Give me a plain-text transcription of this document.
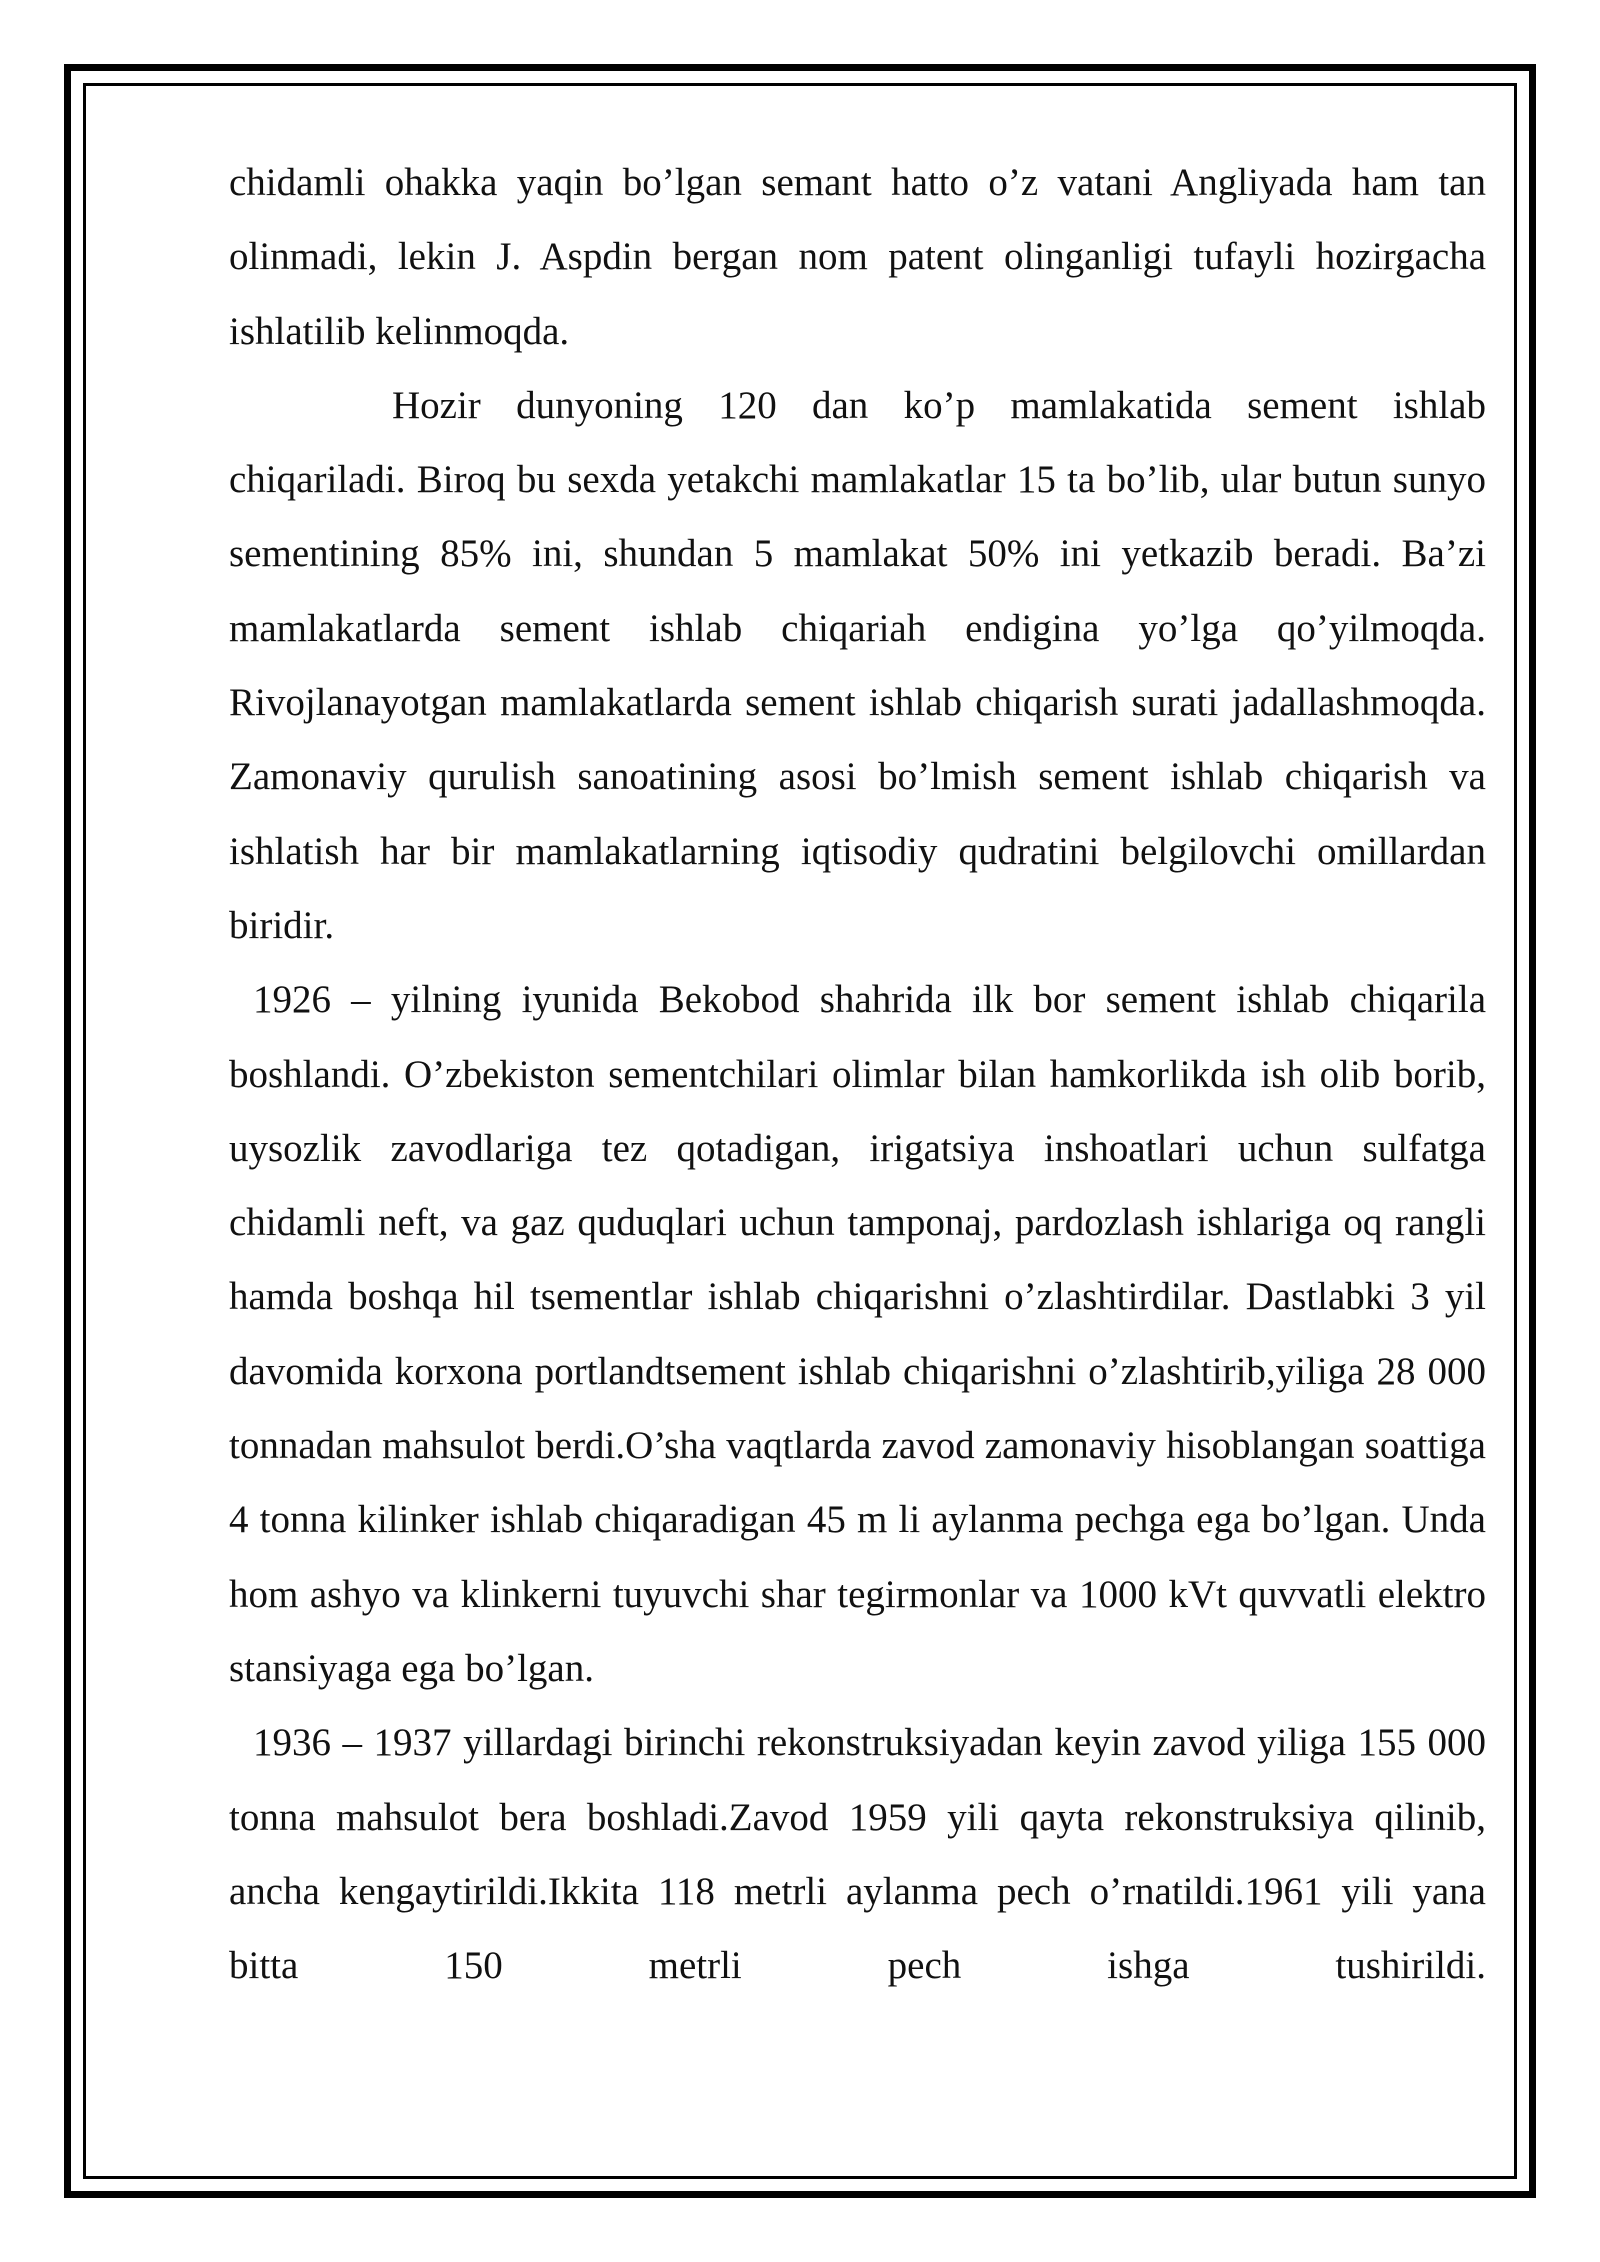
chidamli ohakka yaqin bo’lgan semant hatto o’z vatani Angliyada ham tan olinmadi, lekin J. Aspdin bergan nom patent olinganligi tufayli hozirgacha ishlatilib kelinmoqda.

Hozir dunyoning 120 dan ko’p mamlakatida sement ishlab chiqariladi. Biroq bu sexda yetakchi mamlakatlar 15 ta bo’lib, ular butun sunyo sementining 85% ini, shundan 5 mamlakat 50% ini yetkazib beradi. Ba’zi mamlakatlarda sement ishlab chiqariah endigina yo’lga qo’yilmoqda. Rivojlanayotgan mamlakatlarda sement ishlab chiqarish surati jadallashmoqda. Zamonaviy qurulish sanoatining asosi bo’lmish sement ishlab chiqarish va ishlatish har bir mamlakatlarning iqtisodiy qudratini belgilovchi omillardan biridir.

1926 – yilning iyunida Bekobod shahrida ilk bor sement ishlab chiqarila boshlandi. O’zbekiston sementchilari olimlar bilan hamkorlikda ish olib borib, uysozlik zavodlariga tez qotadigan, irigatsiya inshoatlari uchun sulfatga chidamli neft, va gaz quduqlari uchun tamponaj, pardozlash ishlariga oq rangli hamda boshqa hil tsementlar ishlab chiqarishni o’zlashtirdilar. Dastlabki 3 yil davomida korxona portlandtsement ishlab chiqarishni o’zlashtirib,yiliga 28 000 tonnadan mahsulot berdi.O’sha vaqtlarda zavod zamonaviy hisoblangan soattiga 4 tonna kilinker ishlab chiqaradigan 45 m li aylanma pechga ega bo’lgan. Unda hom ashyo va klinkerni tuyuvchi shar tegirmonlar va 1000 kVt quvvatli elektro stansiyaga ega bo’lgan.

1936 – 1937 yillardagi birinchi rekonstruksiyadan keyin zavod yiliga 155 000 tonna mahsulot bera boshladi.Zavod 1959 yili qayta rekonstruksiya qilinib, ancha kengaytirildi.Ikkita 118 metrli aylanma pech o’rnatildi.1961 yili yana bitta 150 metrli pech ishga tushirildi.
